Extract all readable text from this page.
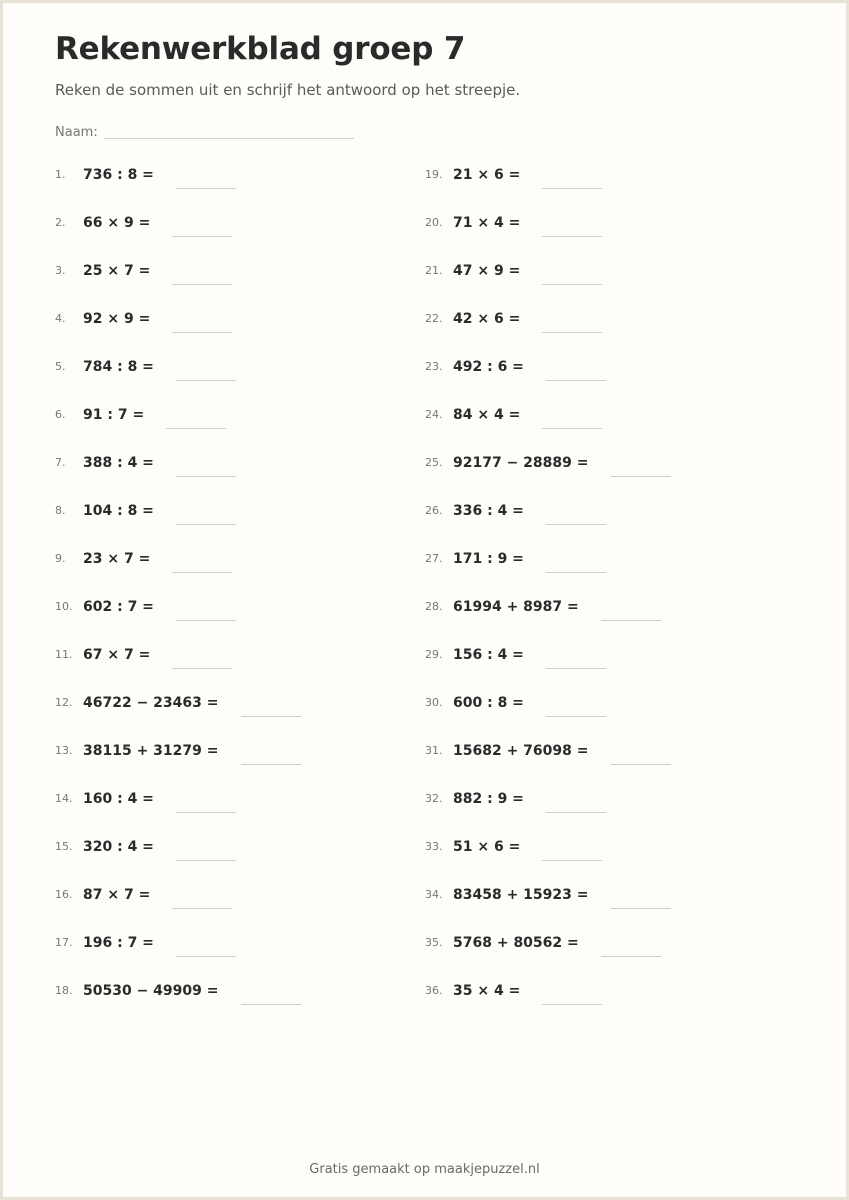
Rekenwerkblad groep 7
Reken de sommen uit en schrijf het antwoord op het streepje.
Naam:
1.	736 : 8 =
2.	66 × 9 =
3.	25 × 7 =
4.	92 × 9 =
5.	784 : 8 =
6.	91 : 7 =
7.	388 : 4 =
8.	104 : 8 =
9.	23 × 7 =
10. 602 : 7 =
11. 67 × 7 =
12. 46722 − 23463 =
13. 38115 + 31279 =
14. 160 : 4 =
15. 320 : 4 =
16. 87 × 7 =
17. 196 : 7 =
18. 50530 − 49909 =
19. 21 × 6 =
20. 71 × 4 =
21. 47 × 9 =
22. 42 × 6 =
23. 492 : 6 =
24. 84 × 4 =
25. 92177 − 28889 =
26. 336 : 4 =
27. 171 : 9 =
28. 61994 + 8987 =
29. 156 : 4 =
30. 600 : 8 =
31. 15682 + 76098 =
32. 882 : 9 =
33. 51 × 6 =
34. 83458 + 15923 =
35. 5768 + 80562 =
36. 35 × 4 =
Gratis gemaakt op maakjepuzzel.nl
